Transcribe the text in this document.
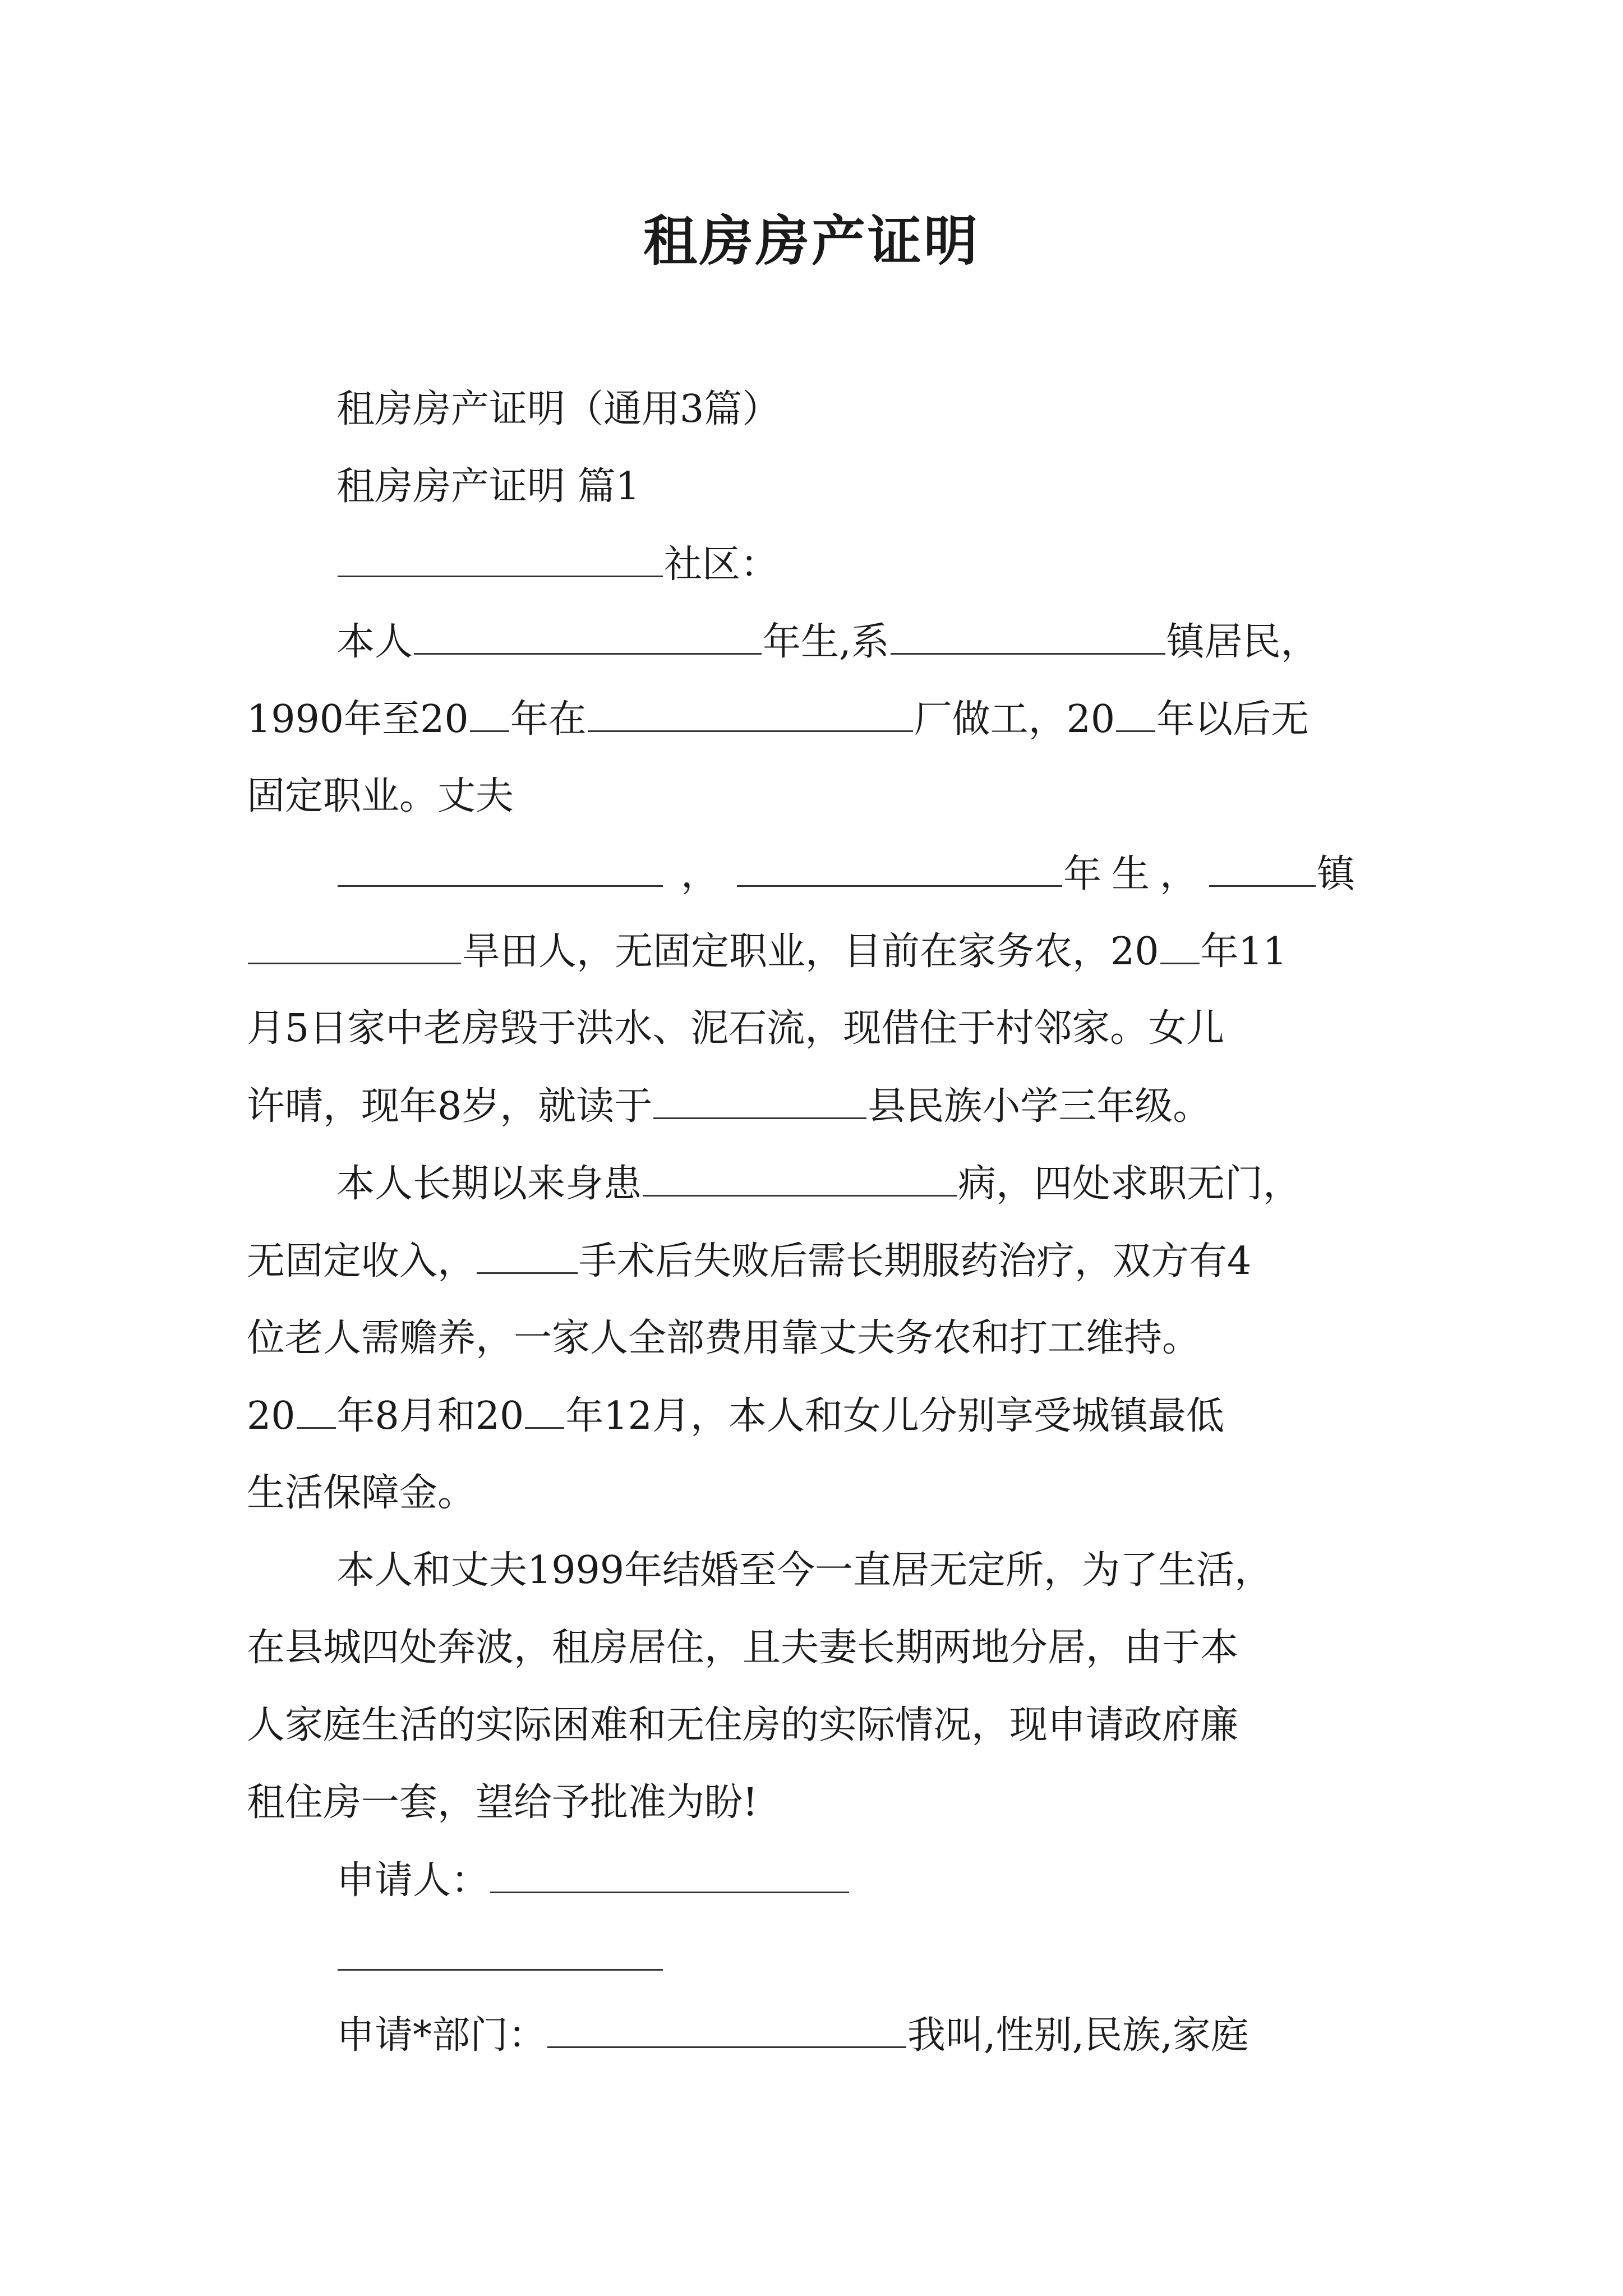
租房房产证明
租房房产证明（通用3篇）
租房房产证明 篇1
社区：
本人	年生,系	镇居民，
1990年至20 年在	厂做工，20 年以后无
固定职业。丈夫
，	年生，	镇
旱田人，无固定职业，目前在家务农，20 年11
月5日家中老房毁于洪水、泥石流，现借住于村邻家。女儿
许晴，现年8岁，就读于	县民族小学三年级。
本人长期以来身患	病，四处求职无门，
无固定收入，	手术后失败后需长期服药治疗，双方有4
位老人需赡养，一家人全部费用靠丈夫务农和打工维持。
20 年8月和20 年12月，本人和女儿分别享受城镇最低
生活保障金。
本人和丈夫1999年结婚至今一直居无定所，为了生活，
在县城四处奔波，租房居住，且夫妻长期两地分居，由于本
人家庭生活的实际困难和无住房的实际情况，现申请政府廉
租住房一套，望给予批准为盼!
申请人：
申请*部门：	我叫,性别,民族,家庭
